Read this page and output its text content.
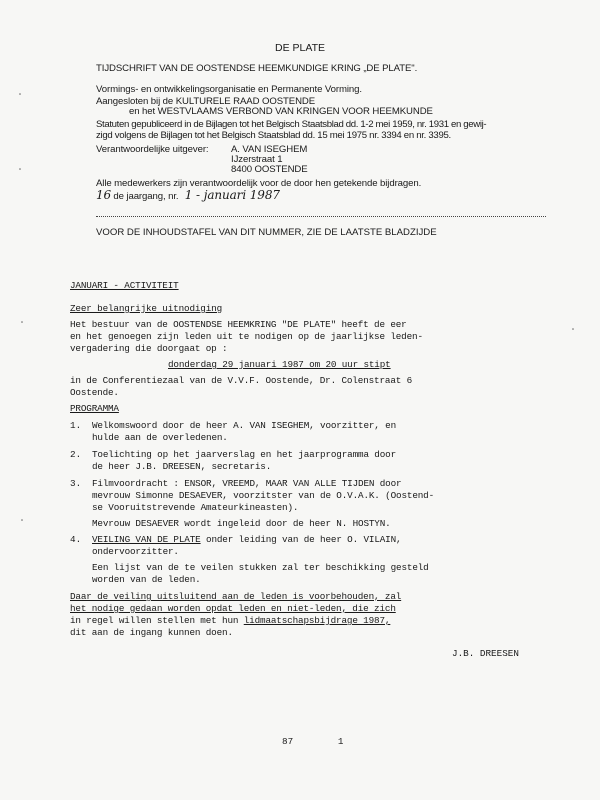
DE PLATE
TIJDSCHRIFT VAN DE OOSTENDSE HEEMKUNDIGE KRING „DE PLATE".
Vormings- en ontwikkelingsorganisatie en Permanente Vorming.
Aangesloten bij de KULTURELE RAAD OOSTENDE
en het WESTVLAAMS VERBOND VAN KRINGEN VOOR HEEMKUNDE
Statuten gepubliceerd in de Bijlagen tot het Belgisch Staatsblad dd. 1-2 mei 1959, nr. 1931 en gewij-
zigd volgens de Bijlagen tot het Belgisch Staatsblad dd. 15 mei 1975 nr. 3394 en nr. 3395.
Verantwoordelijke uitgever: A. VAN ISEGHEM
IJzerstraat 1
8400 OOSTENDE
Alle medewerkers zijn verantwoordelijk voor de door hen getekende bijdragen.
16 de jaargang, nr. 1 - januari 1987
VOOR DE INHOUDSTAFEL VAN DIT NUMMER, ZIE DE LAATSTE BLADZIJDE
JANUARI - ACTIVITEIT
Zeer belangrijke uitnodiging
Het bestuur van de OOSTENDSE HEEMKRING "DE PLATE" heeft de eer
en het genoegen zijn leden uit te nodigen op de jaarlijkse leden-
vergadering die doorgaat op :
donderdag 29 januari 1987 om 20 uur stipt
in de Conferentiezaal van de V.V.F. Oostende, Dr. Colenstraat 6
Oostende.
PROGRAMMA
1. Welkomswoord door de heer A. VAN ISEGHEM, voorzitter, en
hulde aan de overledenen.
2. Toelichting op het jaarverslag en het jaarprogramma door
de heer J.B. DREESEN, secretaris.
3. Filmvoordracht : ENSOR, VREEMD, MAAR VAN ALLE TIJDEN door
mevrouw Simonne DESAEVER, voorzitster van de O.V.A.K. (Oostend-
se Vooruitstrevende Amateurkineasten).
Mevrouw DESAEVER wordt ingeleid door de heer N. HOSTYN.
4. VEILING VAN DE PLATE onder leiding van de heer O. VILAIN,
ondervoorzitter.
Een lijst van de te veilen stukken zal ter beschikking gesteld
worden van de leden.
Daar de veiling uitsluitend aan de leden is voorbehouden, zal
het nodige gedaan worden opdat leden en niet-leden, die zich
in regel willen stellen met hun lidmaatschapsbijdrage 1987,
dit aan de ingang kunnen doen.
J.B. DREESEN
87	1
